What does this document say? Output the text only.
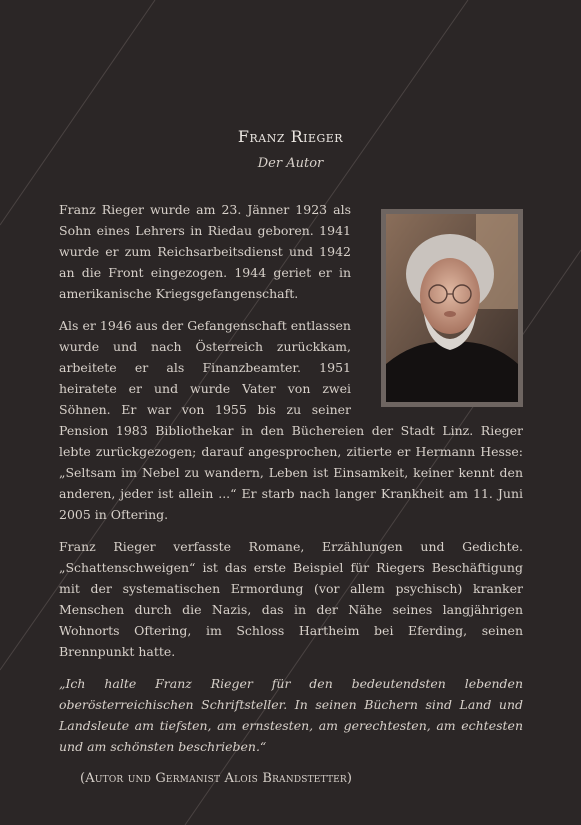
Franz Rieger
Der Autor

Franz Rieger wurde am 23. Jänner 1923 als Sohn eines Lehrers in Riedau geboren. 1941 wurde er zum Reichsarbeitsdienst und 1942 an die Front eingezogen. 1944 geriet er in amerikanische Kriegsgefangenschaft.

Als er 1946 aus der Gefangenschaft entlassen wurde und nach Österreich zurückkam, arbeitete er als Finanzbeamter. 1951 heiratete er und wurde Vater von zwei Söhnen. Er war von 1955 bis zu seiner Pension 1983 Bibliothekar in den Büchereien der Stadt Linz. Rieger lebte zurückgezogen; darauf angesprochen, zitierte er Hermann Hesse: „Seltsam im Nebel zu wandern, Leben ist Einsamkeit, keiner kennt den anderen, jeder ist allein ...“ Er starb nach langer Krankheit am 11. Juni 2005 in Oftering.

Franz Rieger verfasste Romane, Erzählungen und Gedichte. „Schattenschweigen“ ist das erste Beispiel für Riegers Beschäftigung mit der systematischen Ermordung (vor allem psychisch) kranker Menschen durch die Nazis, das in der Nähe seines langjährigen Wohnorts Oftering, im Schloss Hartheim bei Eferding, seinen Brennpunkt hatte.

„Ich halte Franz Rieger für den bedeutendsten lebenden oberösterreichischen Schriftsteller. In seinen Büchern sind Land und Landsleute am tiefsten, am ernstesten, am gerechtesten, am echtesten und am schönsten beschrieben.“

(Autor und Germanist Alois Brandstetter)
